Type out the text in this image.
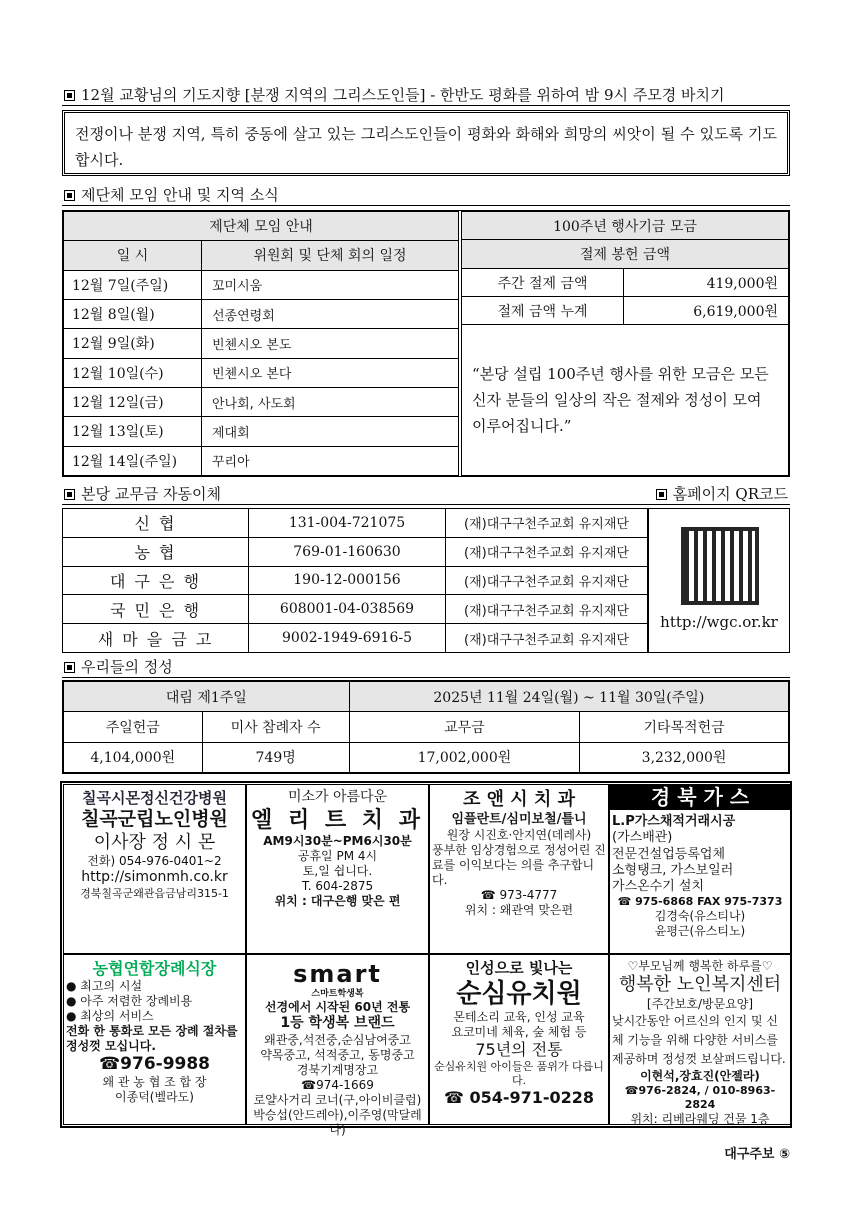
12월 교황님의 기도지향 [분쟁 지역의 그리스도인들] - 한반도 평화를 위하여 밤 9시 주모경 바치기
전쟁이나 분쟁 지역, 특히 중동에 살고 있는 그리스도인들이 평화와 화해와 희망의 씨앗이 될 수 있도록 기도합시다.
제단체 모임 안내 및 지역 소식
제단체 모임 안내	
일 시	위원회 및 단체 회의 일정
12월 7일(주일)	꼬미시움
12월 8일(월)	선종연령회
12월 9일(화)	빈첸시오 본도
12월 10일(수)	빈첸시오 본다
12월 12일(금)	안나회, 사도회
12월 13일(토)	제대회
12월 14일(주일)	꾸리아
100주년 행사기금 모금	
절제 봉헌 금액	
주간 절제 금액	419,000원
절제 금액 누계	6,619,000원
“본당 설립 100주년 행사를 위한 모금은 모든 신자 분들의 일상의 작은 절제와 정성이 모여 이루어집니다.”	
본당 교무금 자동이체	홈페이지 QR코드
신 협	131-004-721075	(재)대구구천주교회 유지재단	
농 협	769-01-160630	(재)대구구천주교회 유지재단	
대 구 은 행	190-12-000156	(재)대구구천주교회 유지재단	
국 민 은 행	608001-04-038569	(재)대구구천주교회 유지재단	
새 마 을 금 고	9002-1949-6916-5	(재)대구구천주교회 유지재단	
http://wgc.or.kr
우리들의 정성
대림 제1주일		2025년 11월 24일(월) ~ 11월 30일(주일)	
주일헌금	미사 참례자 수	교무금	기타목적헌금
4,104,000원	749명	17,002,000원	3,232,000원
칠곡시몬정신건강병원
칠곡군립노인병원
이사장 정 시 몬
전화) 054-976-0401~2
http://simonmh.co.kr
경북칠곡군왜관읍금남리315-1
미소가 아름다운
엘 리 트 치 과
AM9시30분~PM6시30분
공휴일 PM 4시
토,일 쉽니다.
T. 604-2875
위치 : 대구은행 맞은 편
조 앤 시 치 과
임플란트/심미보철/틀니
원장 시진호·안지연(데레사)
풍부한 임상경험으로 정성어린 진료를 이익보다는 의를 추구합니다.
☎ 973-4777
위치 : 왜관역 맞은편
경 북 가 스
L.P가스채적거래시공
(가스배관)
전문건설업등록업체
소형탱크, 가스보일러
가스온수기 설치
☎ 975-6868 FAX 975-7373
김경숙(유스티나)
윤평근(유스티노)
농협연합장례식장
● 최고의 시설
● 아주 저렴한 장례비용
● 최상의 서비스
전화 한 통화로 모든 장례 절차를 정성껏 모십니다.
☎976-9988
왜 관 농 협 조 합 장
이종덕(벨라도)
smart
스마트학생복
선경에서 시작된 60년 전통
1등 학생복 브랜드
왜관중,석전중,순심남여중고
약목중고, 석적중고, 동명중고
경북기계명장고
☎974-1669
로얄사거리 코너(구,아이비클럽)
박승섭(안드레아),이주영(막달레나)
인성으로 빛나는
순심유치원
몬테소리 교육, 인성 교육
요코미네 체육, 숲 체험 등
75년의 전통
순심유치원 아이들은 품위가 다릅니다.
☎ 054-971-0228
♡부모님께 행복한 하루를♡
행복한 노인복지센터
[주간보호/방문요양]
낮시간동안 어르신의 인지 및 신체 기능을 위해 다양한 서비스를 제공하며 정성껏 보살펴드립니다.
이현석,장효진(안젤라)
☎976-2824, / 010-8963-2824
위치: 리베라웨딩 건물 1층
대구주보 ⑤
